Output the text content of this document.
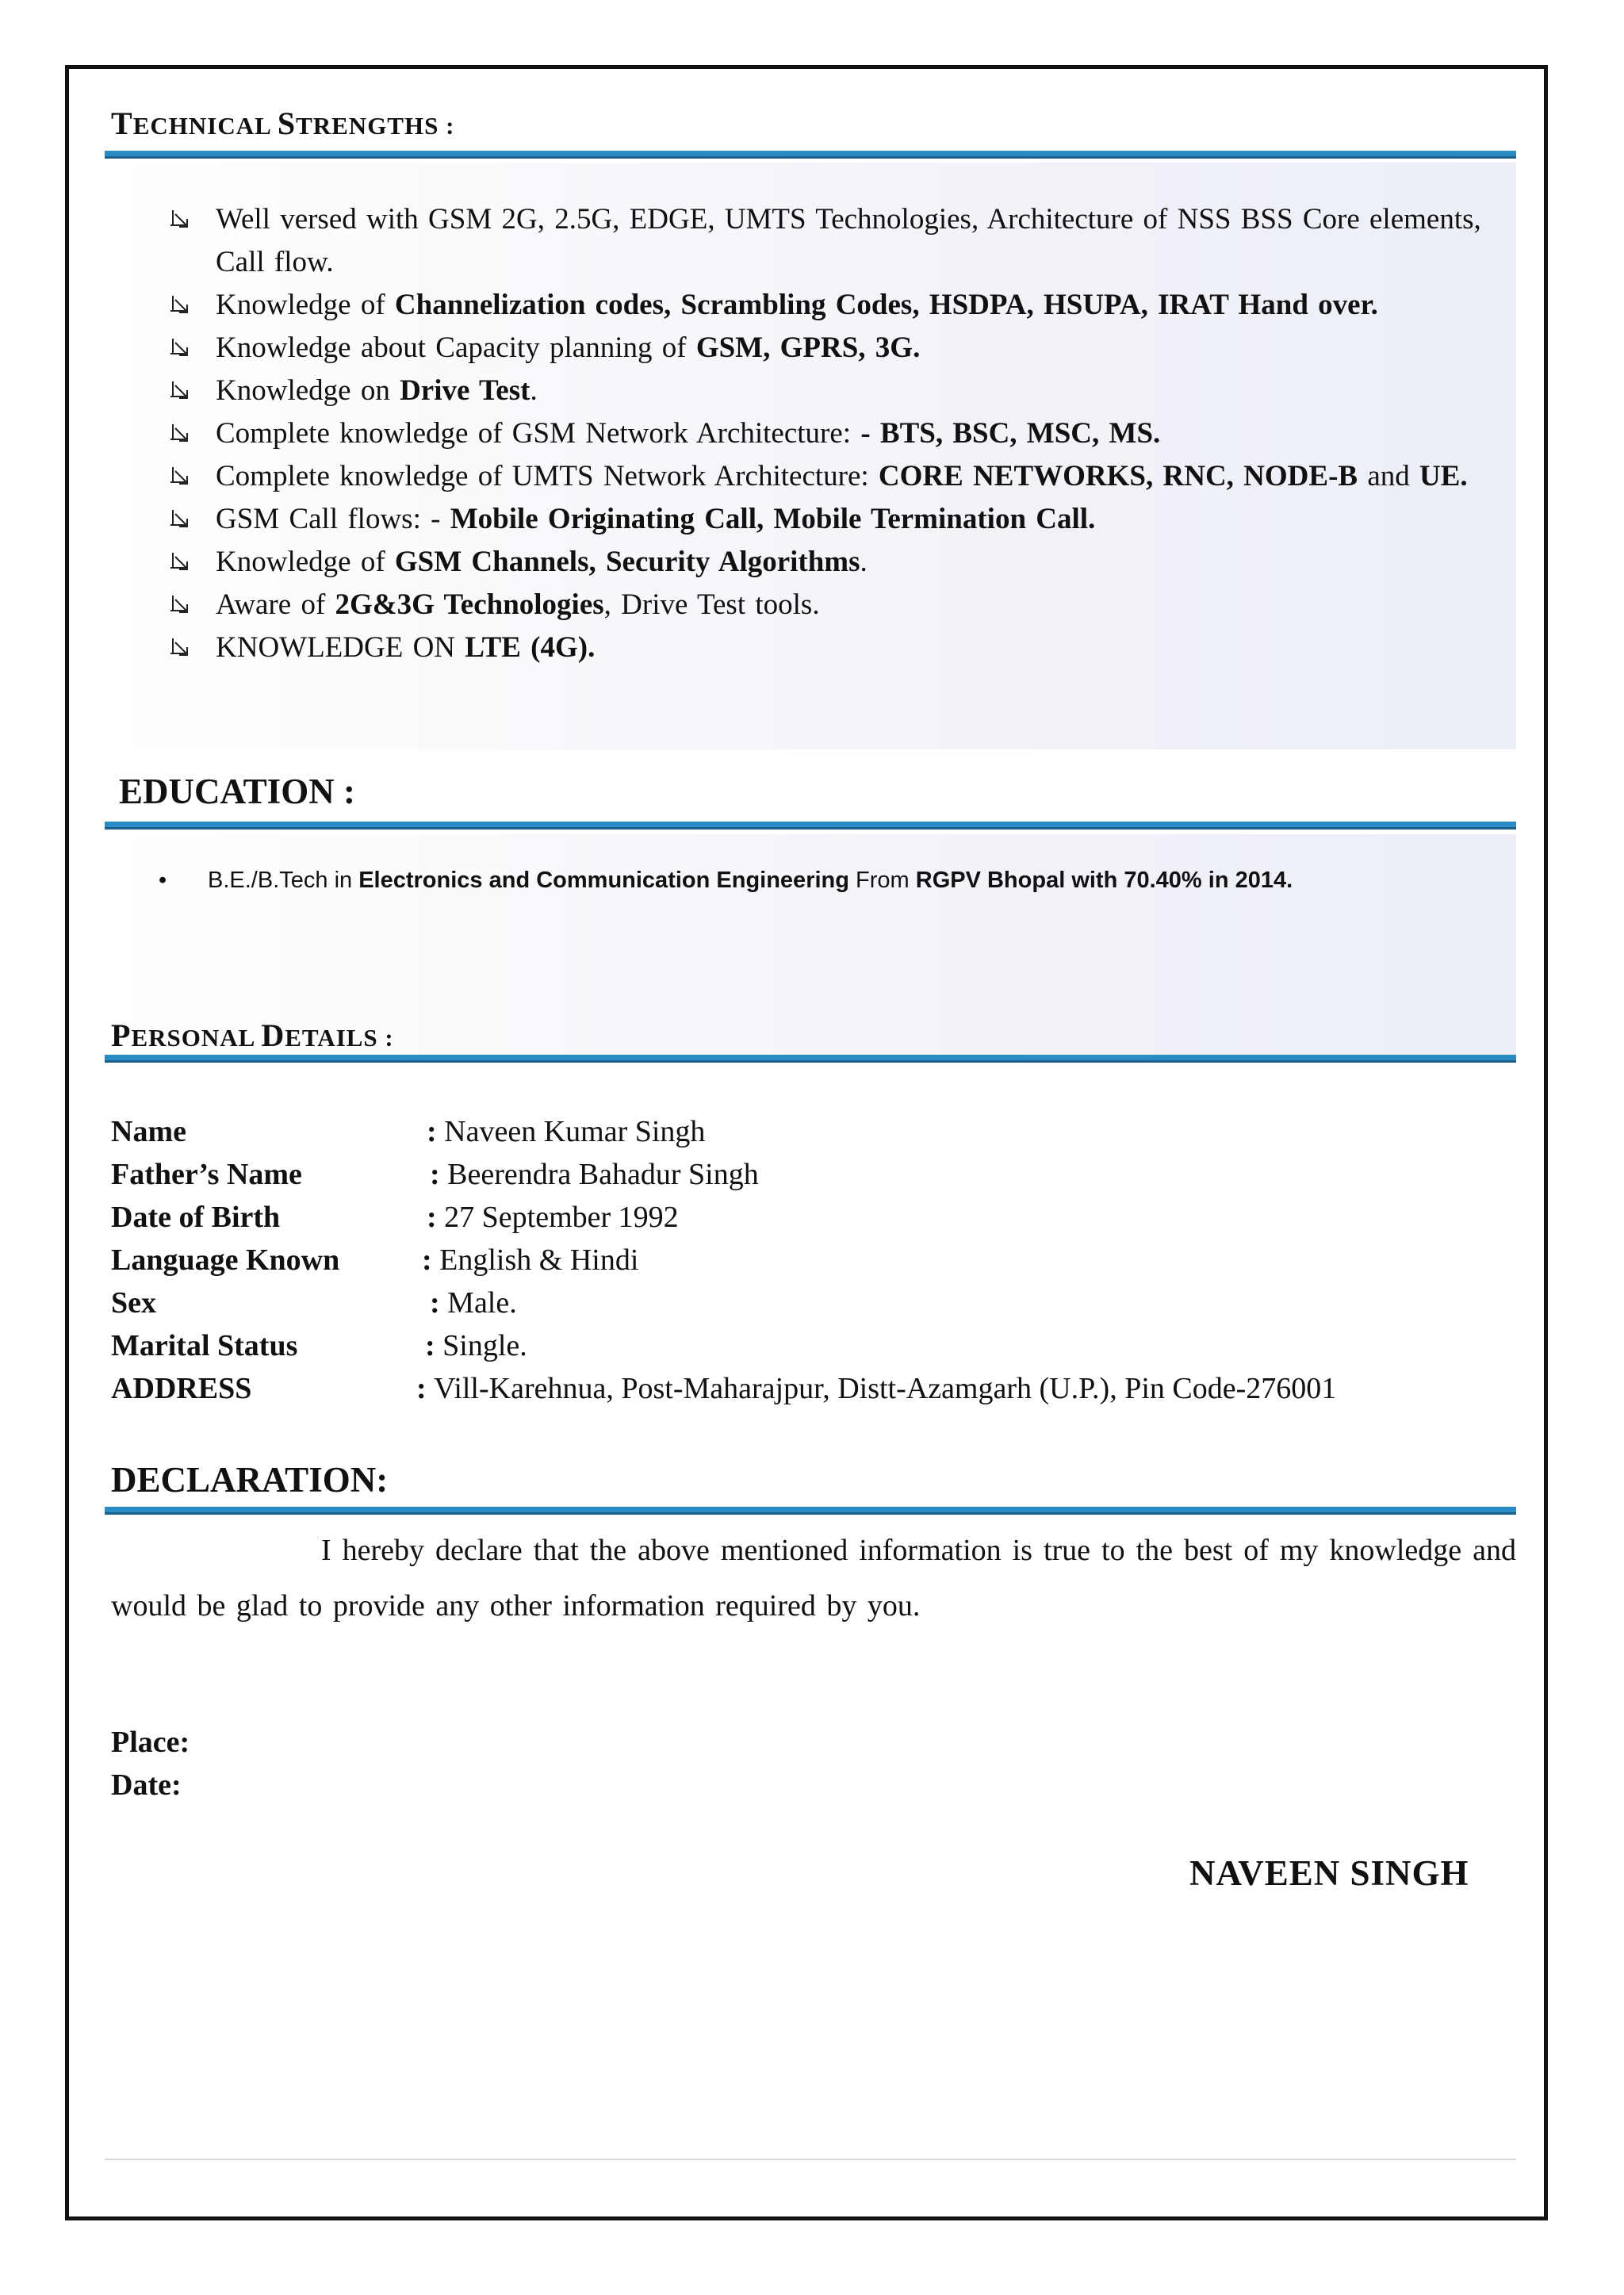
TECHNICAL STRENGTHS :
Well versed with GSM 2G, 2.5G, EDGE, UMTS Technologies, Architecture of NSS BSS Core elements, Call flow.
Knowledge of Channelization codes, Scrambling Codes, HSDPA, HSUPA, IRAT Hand over.
Knowledge about Capacity planning of GSM, GPRS, 3G.
Knowledge on Drive Test.
Complete knowledge of GSM Network Architecture: - BTS, BSC, MSC, MS.
Complete knowledge of UMTS Network Architecture: CORE NETWORKS, RNC, NODE-B and UE.
GSM Call flows: - Mobile Originating Call, Mobile Termination Call.
Knowledge of GSM Channels, Security Algorithms.
Aware of 2G&3G Technologies, Drive Test tools.
KNOWLEDGE ON LTE (4G).
EDUCATION :
•	B.E./B.Tech in Electronics and Communication Engineering From RGPV Bhopal with 70.40% in 2014.
PERSONAL DETAILS :
Name	: Naveen Kumar Singh
Father’s Name	: Beerendra Bahadur Singh
Date of Birth	: 27 September 1992
Language Known	: English & Hindi
Sex	: Male.
Marital Status	: Single.
ADDRESS	: Vill-Karehnua, Post-Maharajpur, Distt-Azamgarh (U.P.), Pin Code-276001
DECLARATION:
I hereby declare that the above mentioned information is true to the best of my knowledge and would be glad to provide any other information required by you.
Place:
Date:
NAVEEN SINGH
